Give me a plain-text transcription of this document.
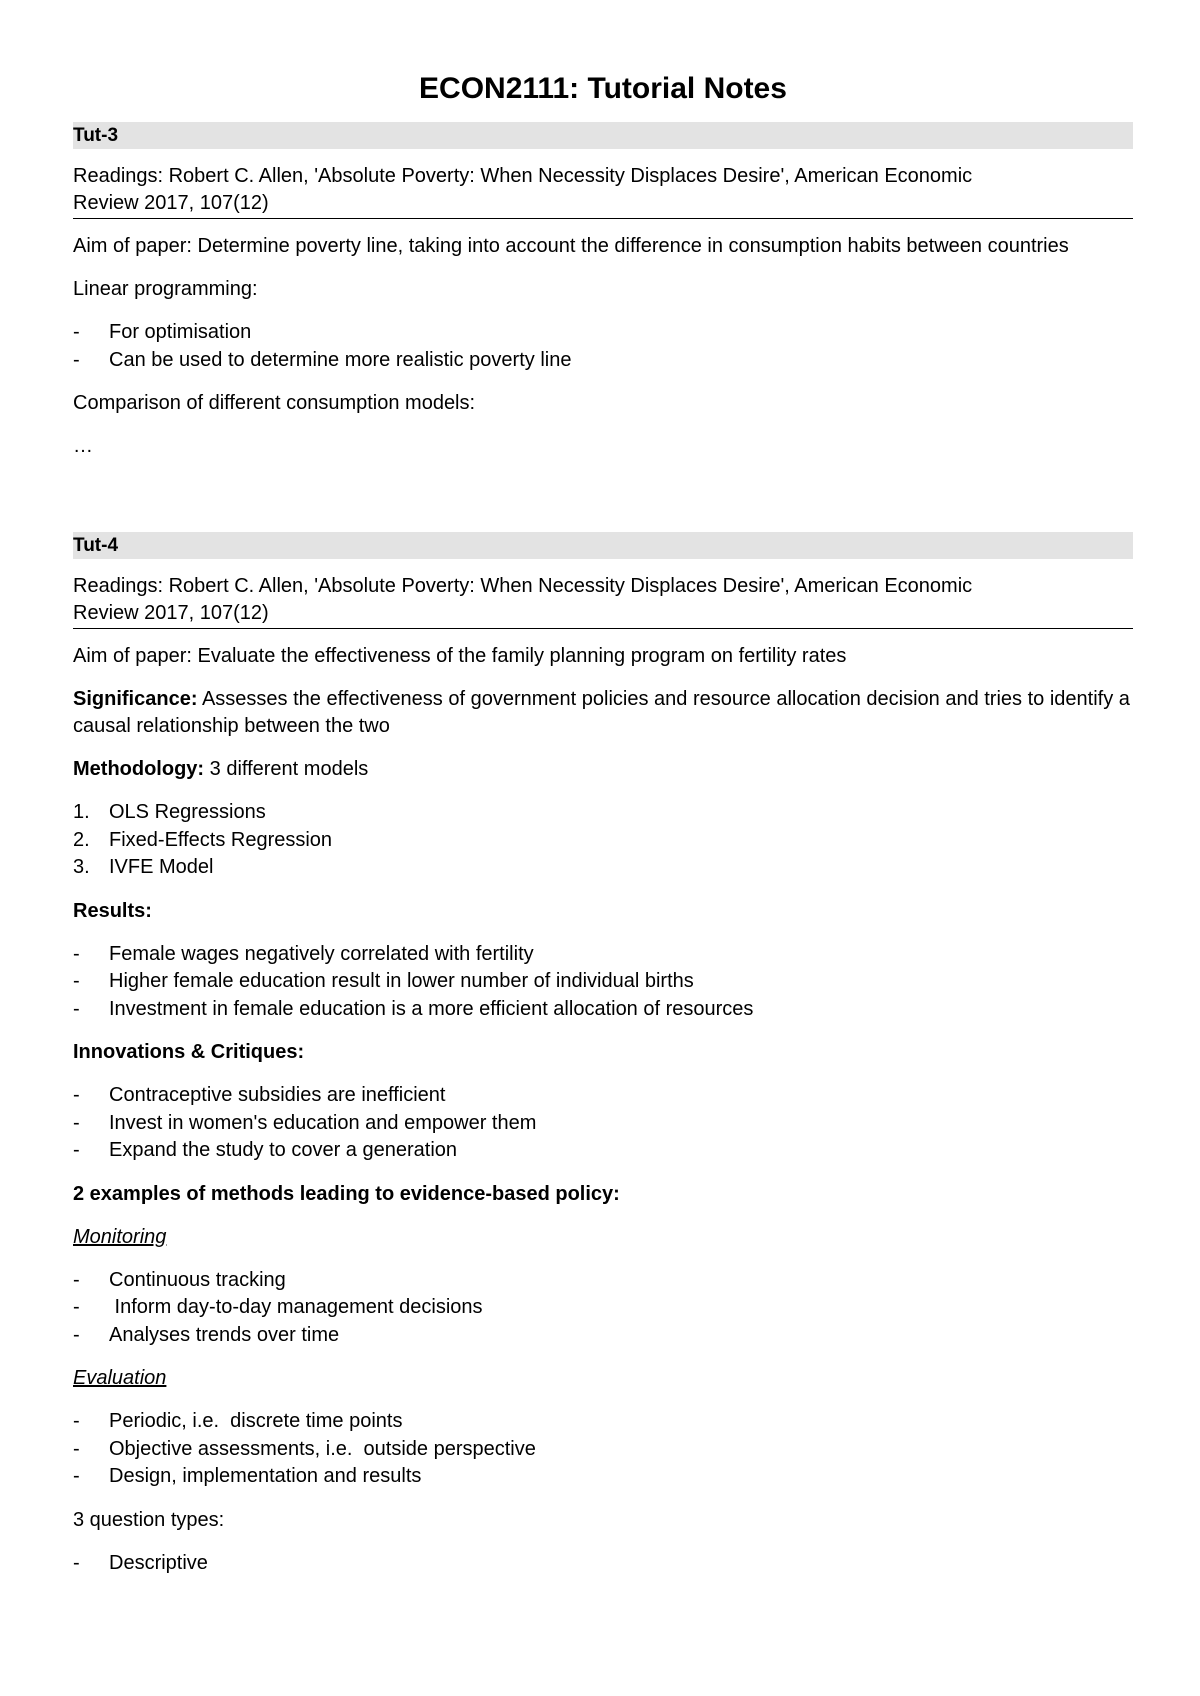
ECON2111: Tutorial Notes
Tut-3
Readings: Robert C. Allen, 'Absolute Poverty: When Necessity Displaces Desire', American Economic
Review 2017, 107(12)

Aim of paper: Determine poverty line, taking into account the difference in consumption habits between countries

Linear programming:

- For optimisation
- Can be used to determine more realistic poverty line

Comparison of different consumption models:

…

Tut-4
Readings: Robert C. Allen, 'Absolute Poverty: When Necessity Displaces Desire', American Economic
Review 2017, 107(12)

Aim of paper: Evaluate the effectiveness of the family planning program on fertility rates

Significance: Assesses the effectiveness of government policies and resource allocation decision and tries to identify a causal relationship between the two

Methodology: 3 different models

1. OLS Regressions
2. Fixed-Effects Regression
3. IVFE Model

Results:

- Female wages negatively correlated with fertility
- Higher female education result in lower number of individual births
- Investment in female education is a more efficient allocation of resources

Innovations & Critiques:

- Contraceptive subsidies are inefficient
- Invest in women's education and empower them
- Expand the study to cover a generation

2 examples of methods leading to evidence-based policy:

Monitoring

- Continuous tracking
- Inform day-to-day management decisions
- Analyses trends over time

Evaluation

- Periodic, i.e.  discrete time points
- Objective assessments, i.e.  outside perspective
- Design, implementation and results

3 question types:

- Descriptive
